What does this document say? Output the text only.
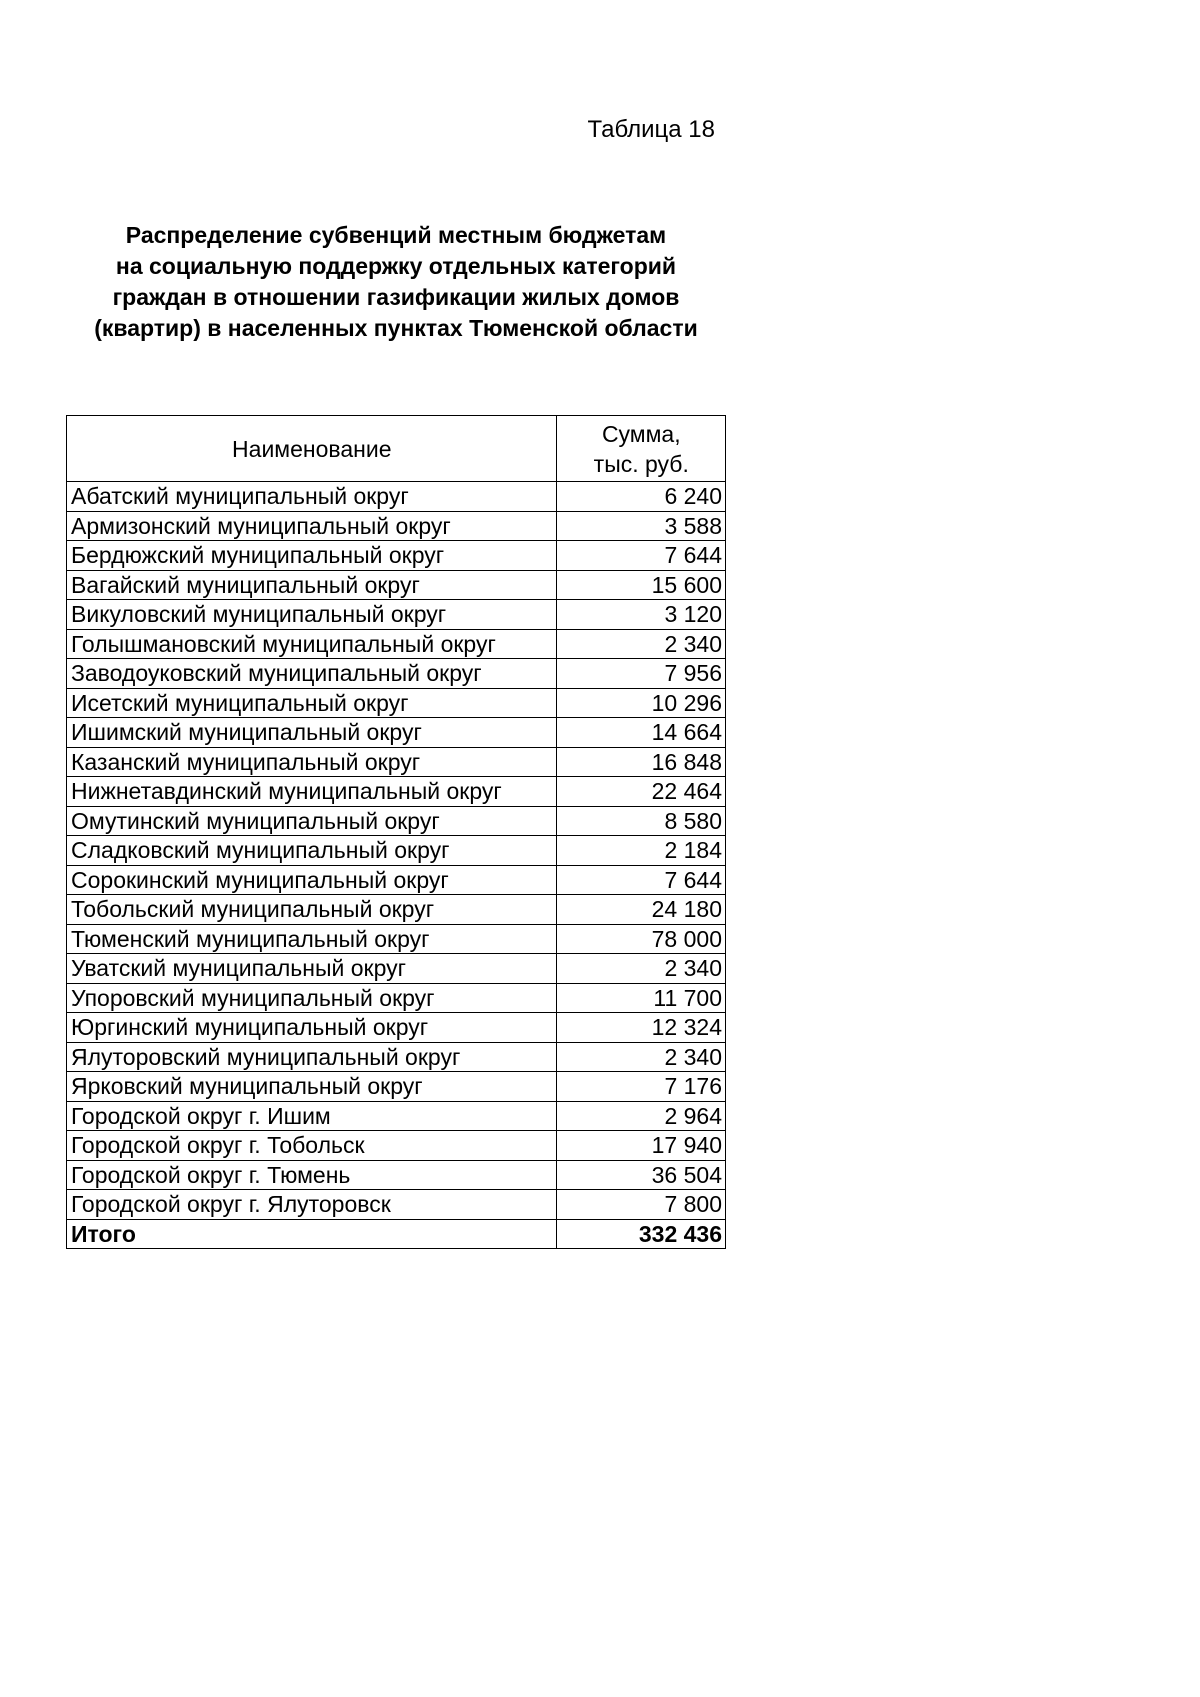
Таблица 18
Распределение субвенций местным бюджетам
на социальную поддержку отдельных категорий
граждан в отношении газификации жилых домов
(квартир) в населенных пунктах Тюменской области
Наименование	Сумма,
тыс. руб.

Абатский муниципальный округ	6 240
Армизонский муниципальный округ	3 588
Бердюжский муниципальный округ	7 644
Вагайский муниципальный округ	15 600
Викуловский муниципальный округ	3 120
Голышмановский муниципальный округ	2 340
Заводоуковский муниципальный округ	7 956
Исетский муниципальный округ	10 296
Ишимский муниципальный округ	14 664
Казанский муниципальный округ	16 848
Нижнетавдинский муниципальный округ	22 464
Омутинский муниципальный округ	8 580
Сладковский муниципальный округ	2 184
Сорокинский муниципальный округ	7 644
Тобольский муниципальный округ	24 180
Тюменский муниципальный округ	78 000
Уватский муниципальный округ	2 340
Упоровский муниципальный округ	11 700
Юргинский муниципальный округ	12 324
Ялуторовский муниципальный округ	2 340
Ярковский муниципальный округ	7 176
Городской округ г. Ишим	2 964
Городской округ г. Тобольск	17 940
Городской округ г. Тюмень	36 504
Городской округ г. Ялуторовск	7 800
Итого	332 436
